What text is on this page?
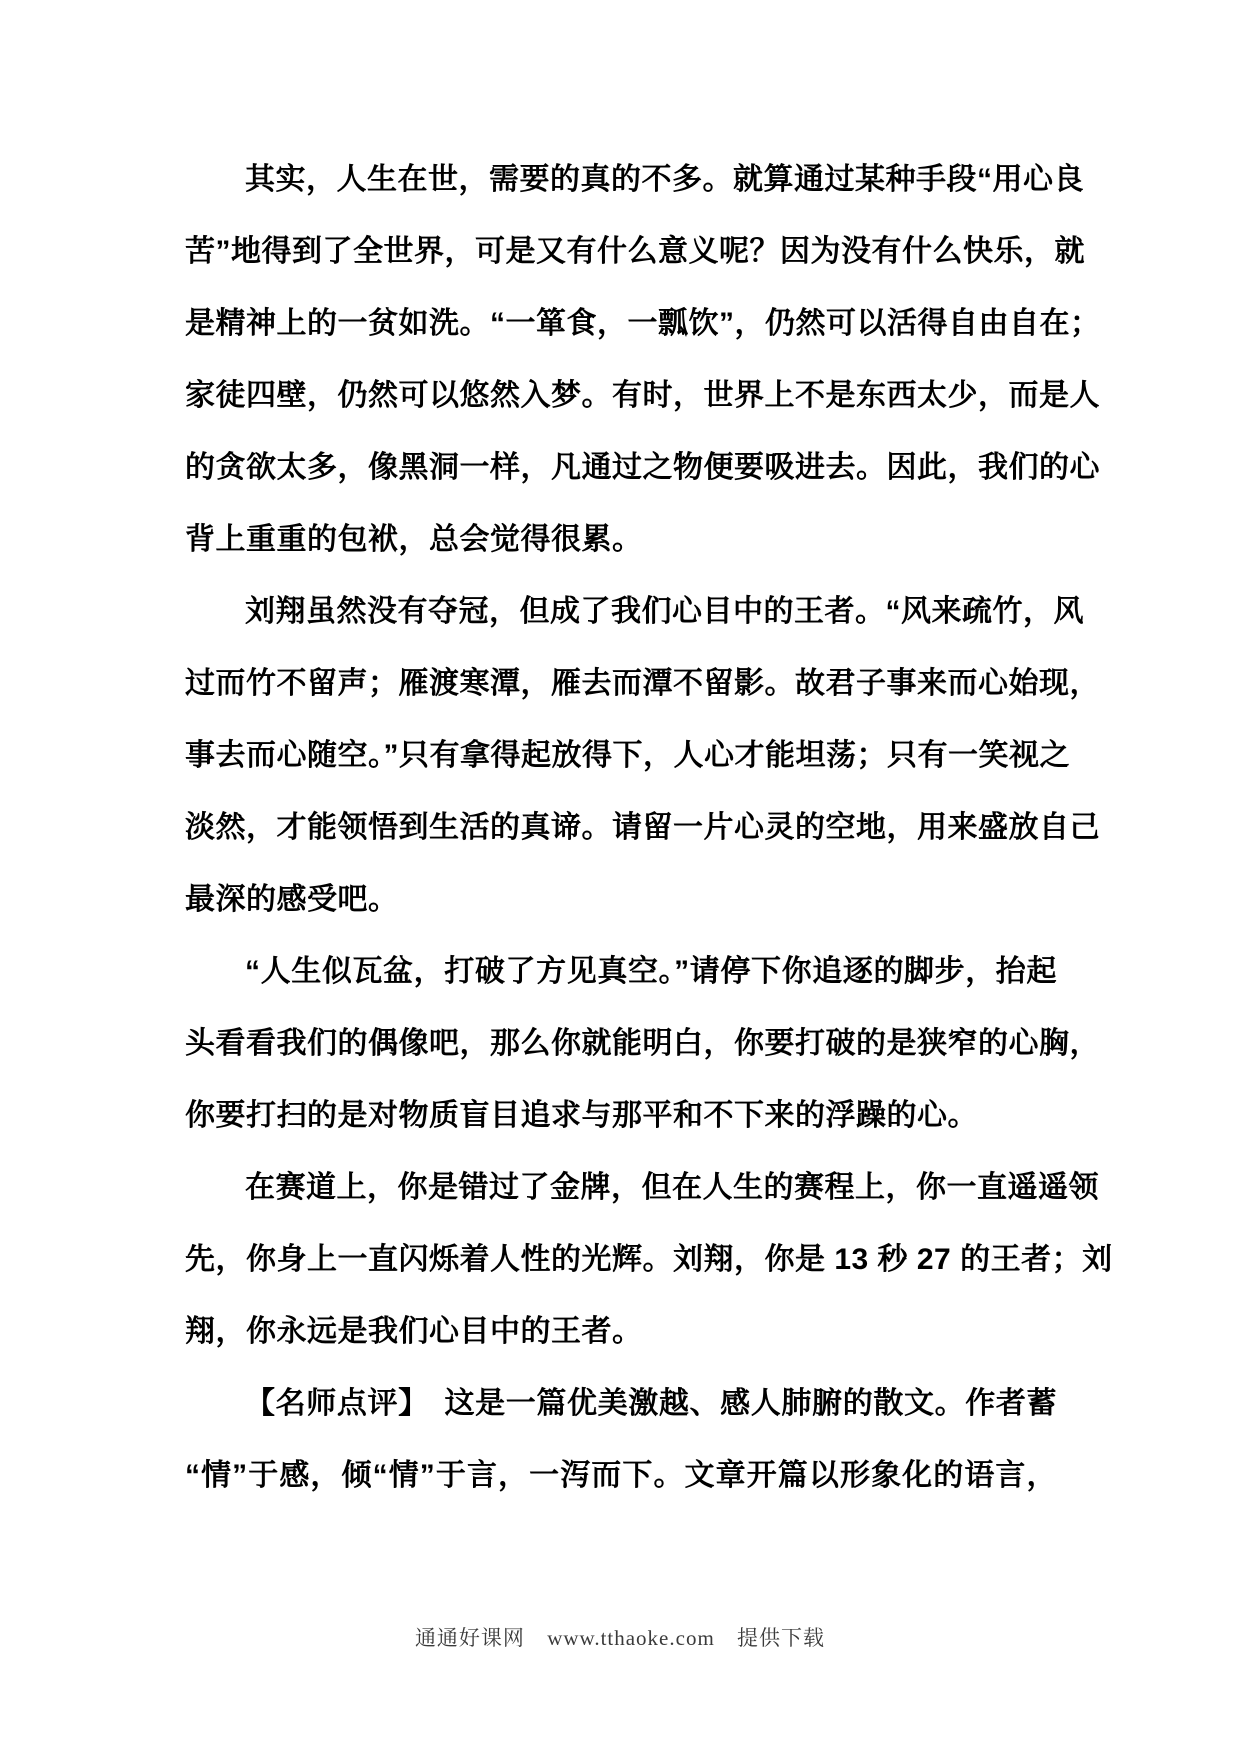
其实，人生在世，需要的真的不多。就算通过某种手段“用心良
苦”地得到了全世界，可是又有什么意义呢？因为没有什么快乐，就
是精神上的一贫如洗。“一箪食，一瓢饮”，仍然可以活得自由自在；
家徒四壁，仍然可以悠然入梦。有时，世界上不是东西太少，而是人
的贪欲太多，像黑洞一样，凡通过之物便要吸进去。因此，我们的心
背上重重的包袱，总会觉得很累。
刘翔虽然没有夺冠，但成了我们心目中的王者。“风来疏竹，风
过而竹不留声；雁渡寒潭，雁去而潭不留影。故君子事来而心始现，
事去而心随空。”只有拿得起放得下，人心才能坦荡；只有一笑视之
淡然，才能领悟到生活的真谛。请留一片心灵的空地，用来盛放自己
最深的感受吧。
“人生似瓦盆，打破了方见真空。”请停下你追逐的脚步，抬起
头看看我们的偶像吧，那么你就能明白，你要打破的是狭窄的心胸，
你要打扫的是对物质盲目追求与那平和不下来的浮躁的心。
在赛道上，你是错过了金牌，但在人生的赛程上，你一直遥遥领
先，你身上一直闪烁着人性的光辉。刘翔，你是 13 秒 27 的王者；刘
翔，你永远是我们心目中的王者。
【名师点评】　这是一篇优美激越、感人肺腑的散文。作者蓄
“情”于感，倾“情”于言，一泻而下。文章开篇以形象化的语言，
通通好课网 www.tthaoke.com 提供下载
